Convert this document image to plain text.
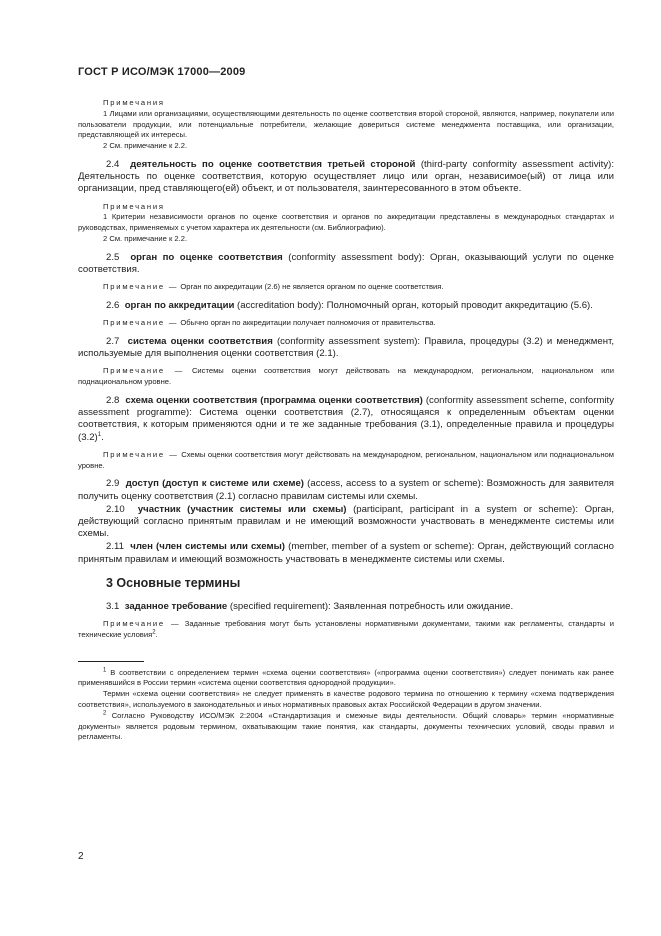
ГОСТ Р ИСО/МЭК 17000—2009

Примечания

1 Лицами или организациями, осуществляющими деятельность по оценке соответствия второй стороной, являются, например, покупатели или пользователи продукции, или потенциальные потребители, желающие довериться системе менеджмента поставщика, или организации, представляющей их интересы.

2 См. примечание к 2.2.

2.4 деятельность по оценке соответствия третьей стороной (third-party conformity assessment activity): Деятельность по оценке соответствия, которую осуществляет лицо или орган, независимое(ый) от лица или организации, пред ставляющего(ей) объект, и от пользователя, заинтересованного в этом объекте.

Примечания

1 Критерии независимости органов по оценке соответствия и органов по аккредитации представлены в международных стандартах и руководствах, применяемых с учетом характера их деятельности (см. Библиографию).

2 См. примечание к 2.2.

2.5 орган по оценке соответствия (conformity assessment body): Орган, оказывающий услуги по оценке соответствия.

Примечание — Орган по аккредитации (2.6) не является органом по оценке соответствия.

2.6 орган по аккредитации (accreditation body): Полномочный орган, который проводит аккредитацию (5.6).

Примечание — Обычно орган по аккредитации получает полномочия от правительства.

2.7 система оценки соответствия (conformity assessment system): Правила, процедуры (3.2) и менеджмент, используемые для выполнения оценки соответствия (2.1).

Примечание — Системы оценки соответствия могут действовать на международном, региональном, национальном или поднациональном уровне.

2.8 схема оценки соответствия (программа оценки соответствия) (conformity assessment scheme, conformity assessment programme): Система оценки соответствия (2.7), относящаяся к определенным объектам оценки соответствия, к которым применяются одни и те же заданные требования (3.1), определенные правила и процедуры $(3.2)^1$.

Примечание — Схемы оценки соответствия могут действовать на международном, региональном, национальном или поднациональном уровне.

2.9 доступ (доступ к системе или схеме) (access, access to a system or scheme): Возможность для заявителя получить оценку соответствия (2.1) согласно правилам системы или схемы.

2.10 участник (участник системы или схемы) (participant, participant in a system or scheme): Орган, действующий согласно принятым правилам и не имеющий возможности участвовать в менеджменте системы или схемы.

2.11 член (член системы или схемы) (member, member of a system or scheme): Орган, действующий согласно принятым правилам и имеющий возможность участвовать в менеджменте системы или схемы.

3 Основные термины

3.1 заданное требование (specified requirement): Заявленная потребность или ожидание.

Примечание — Заданные требования могут быть установлены нормативными документами, такими как регламенты, стандарты и технические условия$^2$.

$^1$ В соответствии с определением термин «схема оценки соответствия» («программа оценки соответствия») следует понимать как ранее применявшийся в России термин «система оценки соответствия однородной продукции».

Термин «схема оценки соответствия» не следует применять в качестве родового термина по отношению к термину «схема подтверждения соответствия», используемого в законодательных и иных нормативных правовых актах Российской Федерации в другом значении.

$^2$ Согласно Руководству ИСО/МЭК 2:2004 «Стандартизация и смежные виды деятельности. Общий словарь» термин «нормативные документы» является родовым термином, охватывающим такие понятия, как стандарты, документы технических условий, своды правил и регламенты.

2
